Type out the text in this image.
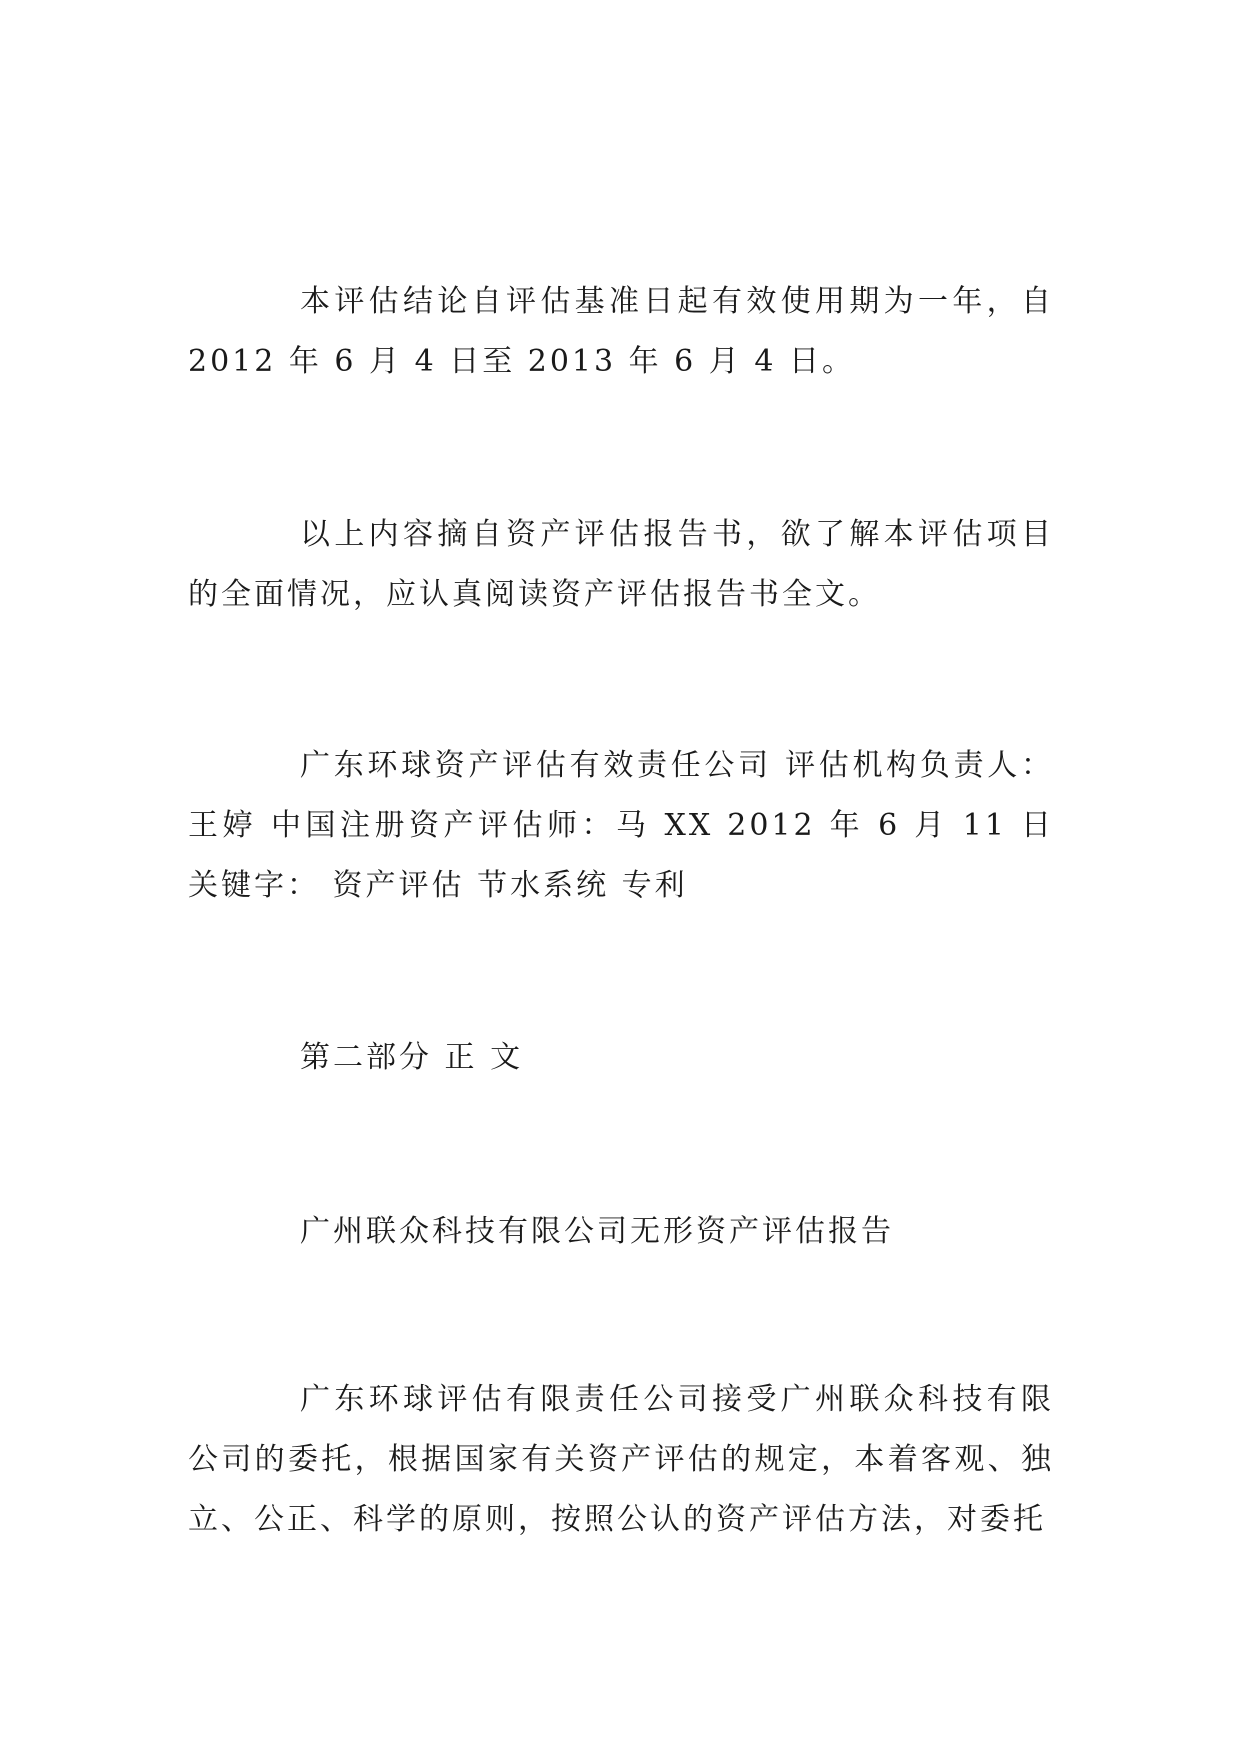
本评估结论自评估基准日起有效使用期为一年，自 2012 年 6 月 4 日至 2013 年 6 月 4 日。

以上内容摘自资产评估报告书，欲了解本评估项目的全面情况，应认真阅读资产评估报告书全文。

广东环球资产评估有效责任公司 评估机构负责人：王婷 中国注册资产评估师：马 XX 2012 年 6 月 11 日 关键字： 资产评估 节水系统 专利

第二部分 正 文

广州联众科技有限公司无形资产评估报告

广东环球评估有限责任公司接受广州联众科技有限公司的委托，根据国家有关资产评估的规定，本着客观、独立、公正、科学的原则，按照公认的资产评估方法，对委托
